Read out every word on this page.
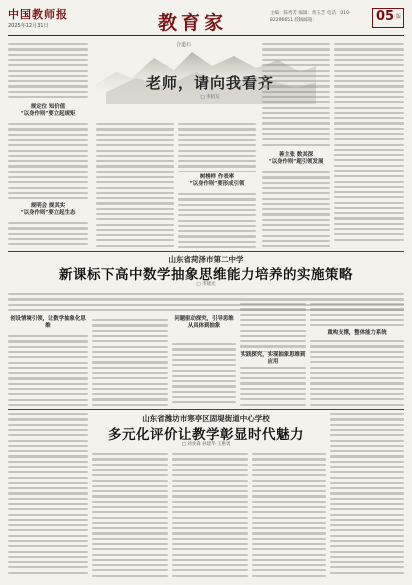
中国教师报
2025年12月31日	教育家	主编：陈秀芳 编辑：黄玉芝 电话：010-82296651 投稿邮箱：	05 版
合道石
老师，请向我看齐
□ 李佰友
规定位 知价值
“以身作则”要立起规矩
规明会 规其实
“以身作则”要立起生态
树榜样 作表率
“以身作则”要形成引领
善主张 数其深
“以身作则”超引领发展
山东省菏泽市第二中学
新课标下高中数学抽象思维能力培养的实施策略
□ 李建光
创设情境引领，让数学抽象化思维
问题驱动探究，引导思维从具体到抽象
实践探究，实现抽象思维到应用
重构支撑，整体能力系统
山东省潍坊市寒亭区固堤街道中心学校
多元化评价让教学彰显时代魅力
□ 刘业森 孙建华 王惠勇
